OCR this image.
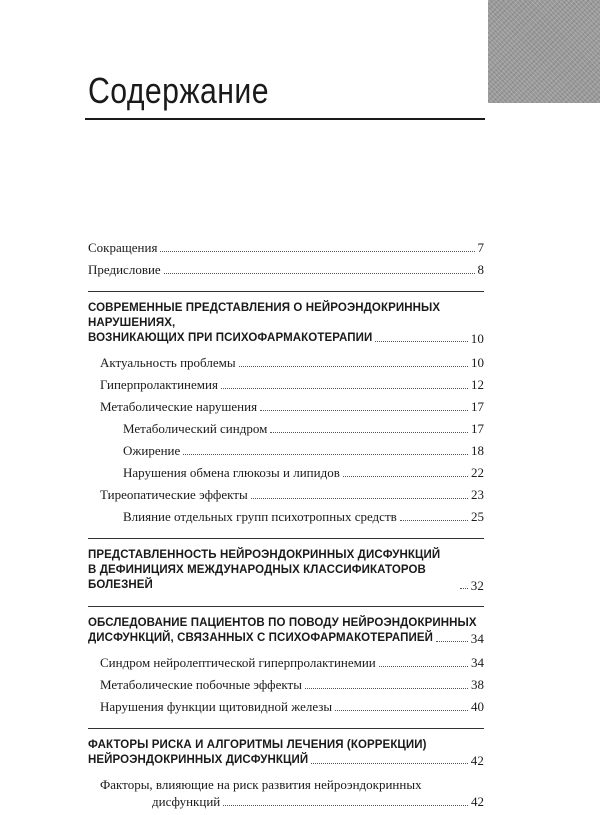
Содержание
Сокращения	7
Предисловие	8
СОВРЕМЕННЫЕ ПРЕДСТАВЛЕНИЯ О НЕЙРОЭНДОКРИННЫХ НАРУШЕНИЯХ,
ВОЗНИКАЮЩИХ ПРИ ПСИХОФАРМАКОТЕРАПИИ	10
Актуальность проблемы	10
Гиперпролактинемия	12
Метаболические нарушения	17
Метаболический синдром	17
Ожирение	18
Нарушения обмена глюкозы и липидов	22
Тиреопатические эффекты	23
Влияние отдельных групп психотропных средств	25
ПРЕДСТАВЛЕННОСТЬ НЕЙРОЭНДОКРИННЫХ ДИСФУНКЦИЙ
В ДЕФИНИЦИЯХ МЕЖДУНАРОДНЫХ КЛАССИФИКАТОРОВ БОЛЕЗНЕЙ	32
ОБСЛЕДОВАНИЕ ПАЦИЕНТОВ ПО ПОВОДУ НЕЙРОЭНДОКРИННЫХ
ДИСФУНКЦИЙ, СВЯЗАННЫХ С ПСИХОФАРМАКОТЕРАПИЕЙ	34
Синдром нейролептической гиперпролактинемии	34
Метаболические побочные эффекты	38
Нарушения функции щитовидной железы	40
ФАКТОРЫ РИСКА И АЛГОРИТМЫ ЛЕЧЕНИЯ (КОРРЕКЦИИ)
НЕЙРОЭНДОКРИННЫХ ДИСФУНКЦИЙ	42
Факторы, влияющие на риск развития нейроэндокринных
дисфункций	42
